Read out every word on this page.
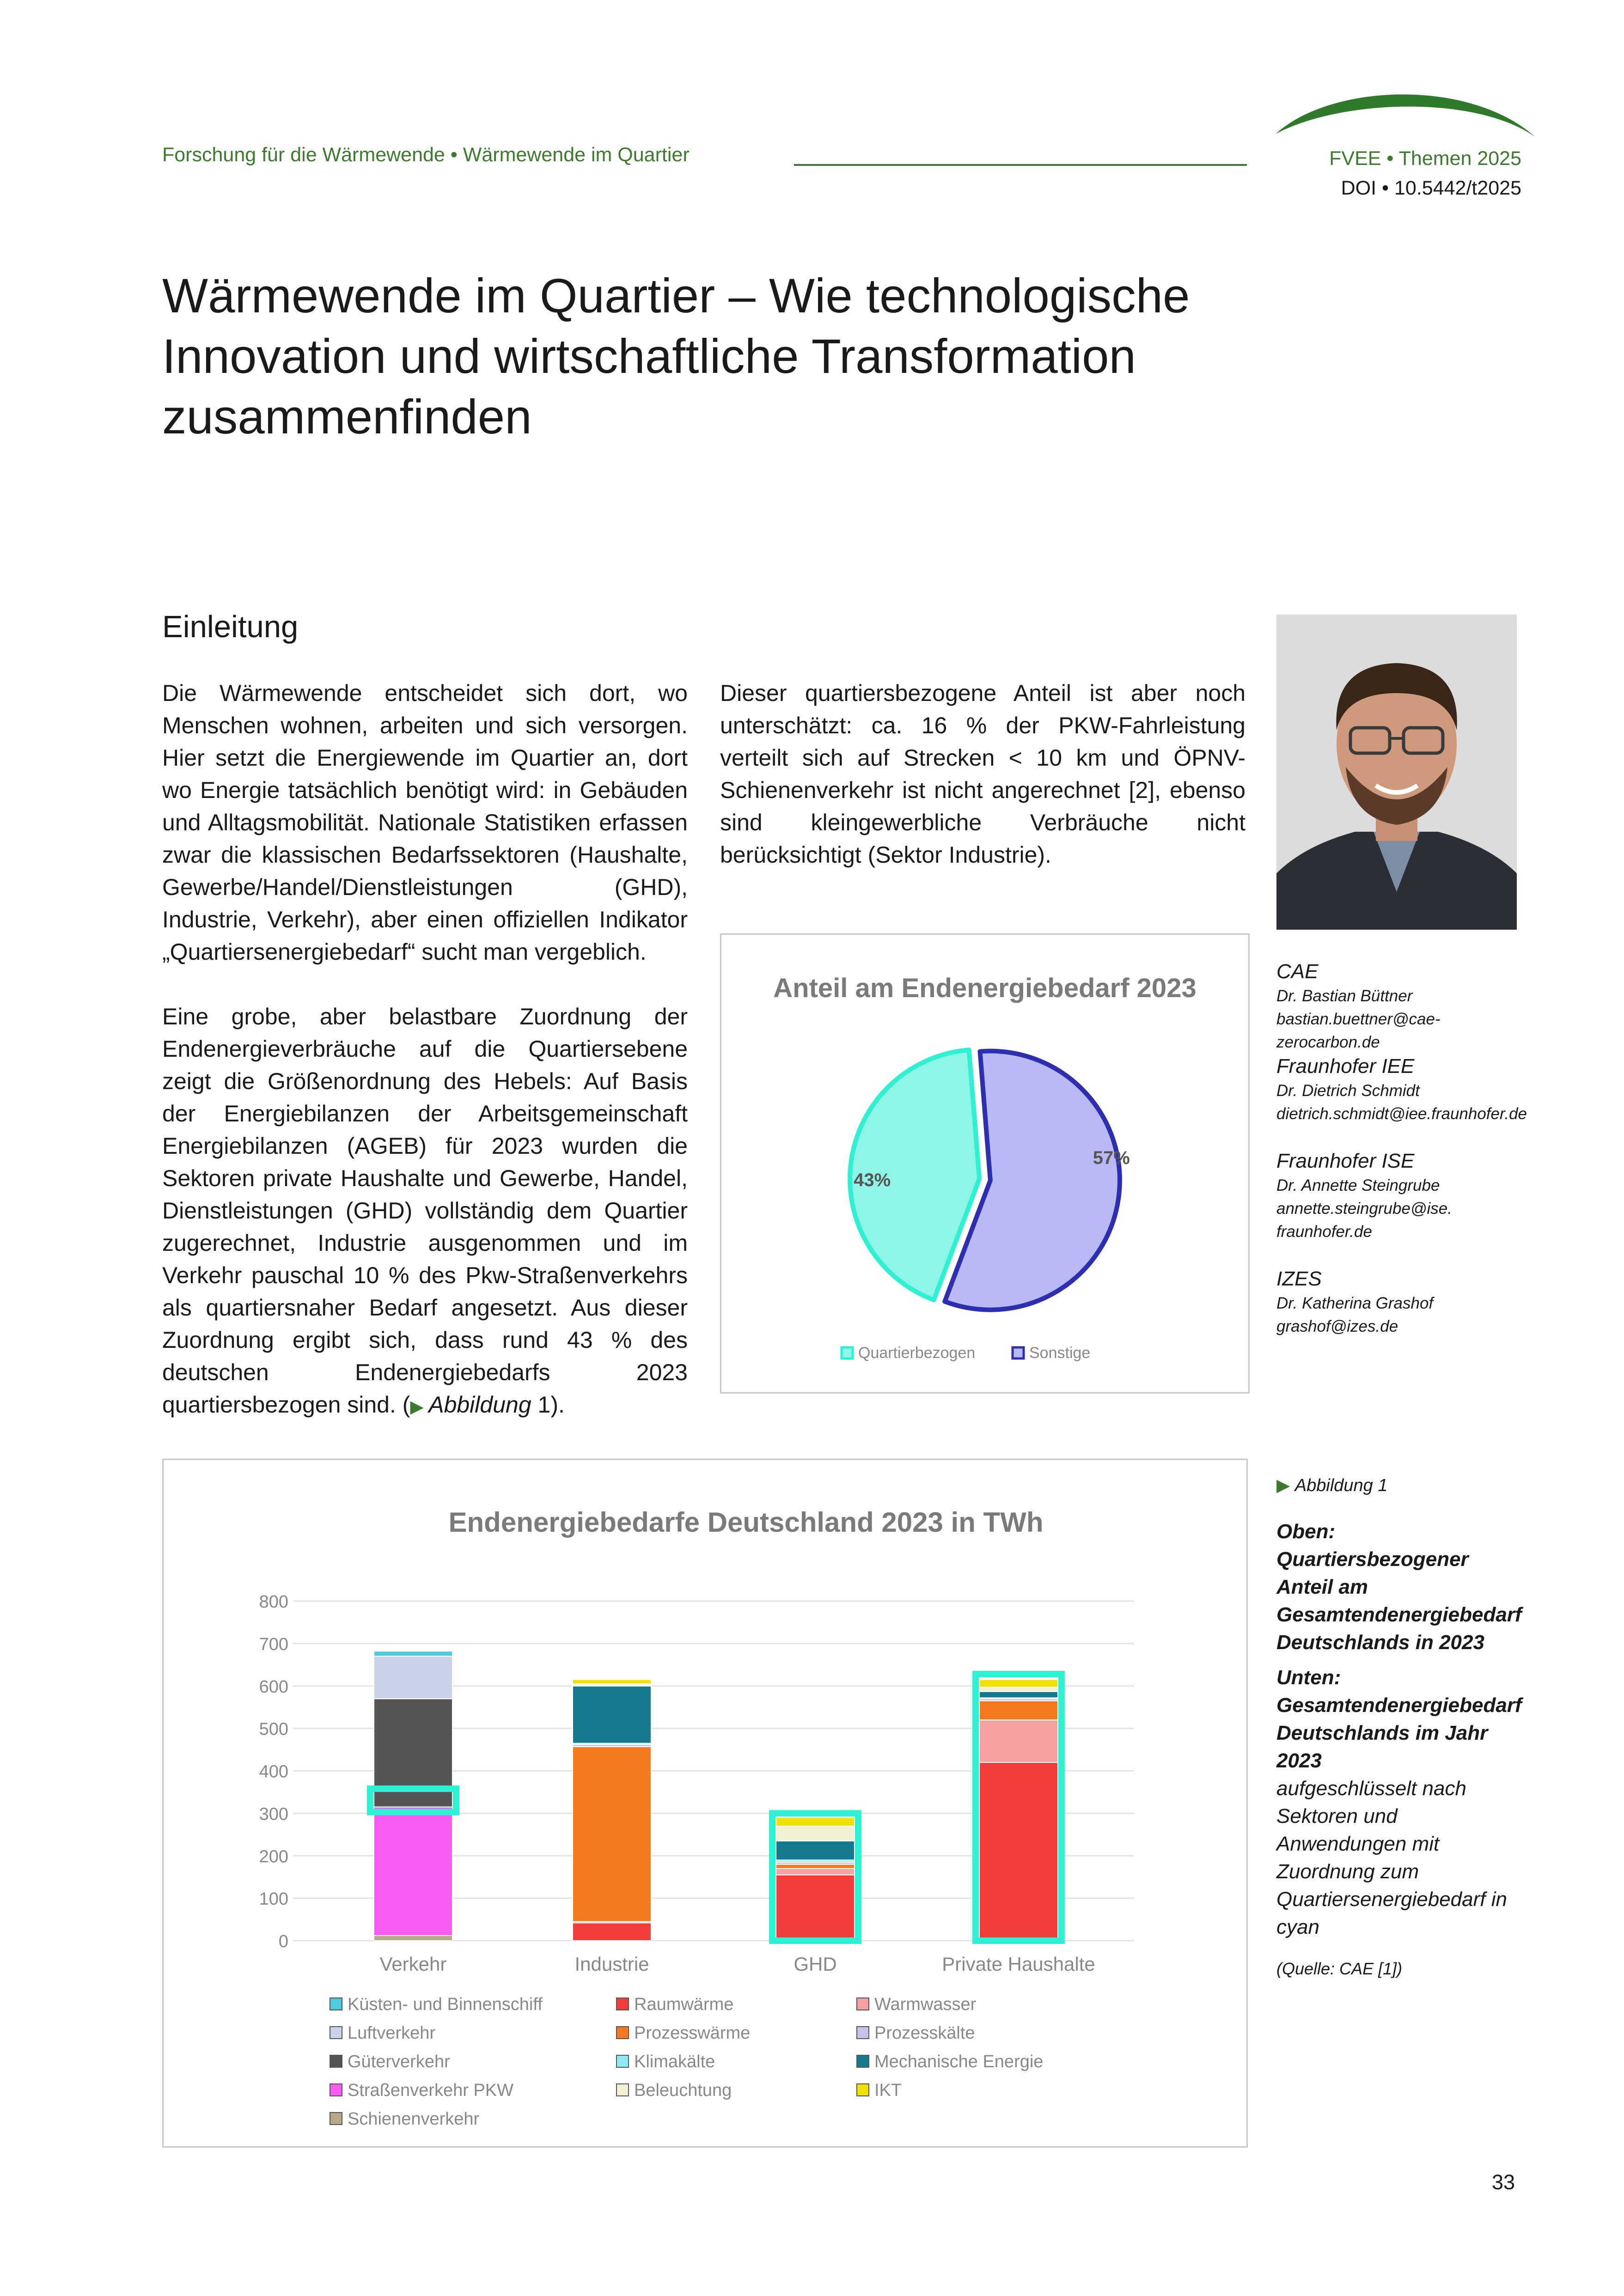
Forschung für die Wärmewende • Wärmewende im Quartier	FVEE • Themen 2025
DOI • 10.5442/t2025
Wärmewende im Quartier – Wie technologische
Innovation und wirtschaftliche Transformation
zusammenfinden
Einleitung

Die Wärmewende entscheidet sich dort, wo Menschen wohnen, arbeiten und sich versorgen. Hier setzt die Energiewende im Quartier an, dort wo Energie tatsächlich benötigt wird: in Gebäuden und Alltagsmobilität. Nationale Statistiken erfassen zwar die klassischen Bedarfssektoren (Haushalte, Gewerbe/Handel/Dienstleistungen (GHD), Industrie, Verkehr), aber einen offiziellen Indikator „Quartiersenergiebedarf“ sucht man vergeblich.

Eine grobe, aber belastbare Zuordnung der Endenergieverbräuche auf die Quartiersebene zeigt die Größenordnung des Hebels: Auf Basis der Energiebilanzen der Arbeitsgemeinschaft Energiebilanzen (AGEB) für 2023 wurden die Sektoren private Haushalte und Gewerbe, Handel, Dienstleistungen (GHD) vollständig dem Quartier zugerechnet, Industrie ausgenommen und im Verkehr pauschal 10 % des Pkw-Straßenverkehrs als quartiersnaher Bedarf angesetzt. Aus dieser Zuordnung ergibt sich, dass rund 43 % des deutschen Endenergiebedarfs 2023 quartiersbezogen sind. (▶ Abbildung 1).

Dieser quartiersbezogene Anteil ist aber noch unterschätzt: ca. 16 % der PKW-Fahrleistung verteilt sich auf Strecken < 10 km und ÖPNV-Schienenverkehr ist nicht angerechnet [2], ebenso sind kleingewerbliche Verbräuche nicht berücksichtigt (Sektor Industrie).

Anteil am Endenergiebedarf 2023
57%
43%
Quartierbezogen	Sonstige
CAE
Dr. Bastian Büttner
bastian.buettner@cae-zerocarbon.de
Fraunhofer IEE
Dr. Dietrich Schmidt
dietrich.schmidt@iee.fraunhofer.de
Fraunhofer ISE
Dr. Annette Steingrube
annette.steingrube@ise.
fraunhofer.de
IZES
Dr. Katherina Grashof
grashof@izes.de
Endenergiebedarfe Deutschland 2023 in TWh
0
100
200
300
400
500
600
700
800
Verkehr	Industrie	GHD	Private Haushalte
Küsten- und Binnenschiff
Luftverkehr
Güterverkehr
Straßenverkehr PKW
Schienenverkehr
Raumwärme
Prozesswärme
Klimakälte
Beleuchtung
Warmwasser
Prozesskälte
Mechanische Energie
IKT
▶ Abbildung 1
Oben:
Quartiersbezogener Anteil am Gesamtendenergiebedarf Deutschlands in 2023
Unten:
Gesamtendenergiebedarf Deutschlands im Jahr 2023
aufgeschlüsselt nach Sektoren und Anwendungen mit Zuordnung zum Quartiersenergiebedarf in cyan
(Quelle: CAE [1])
33
